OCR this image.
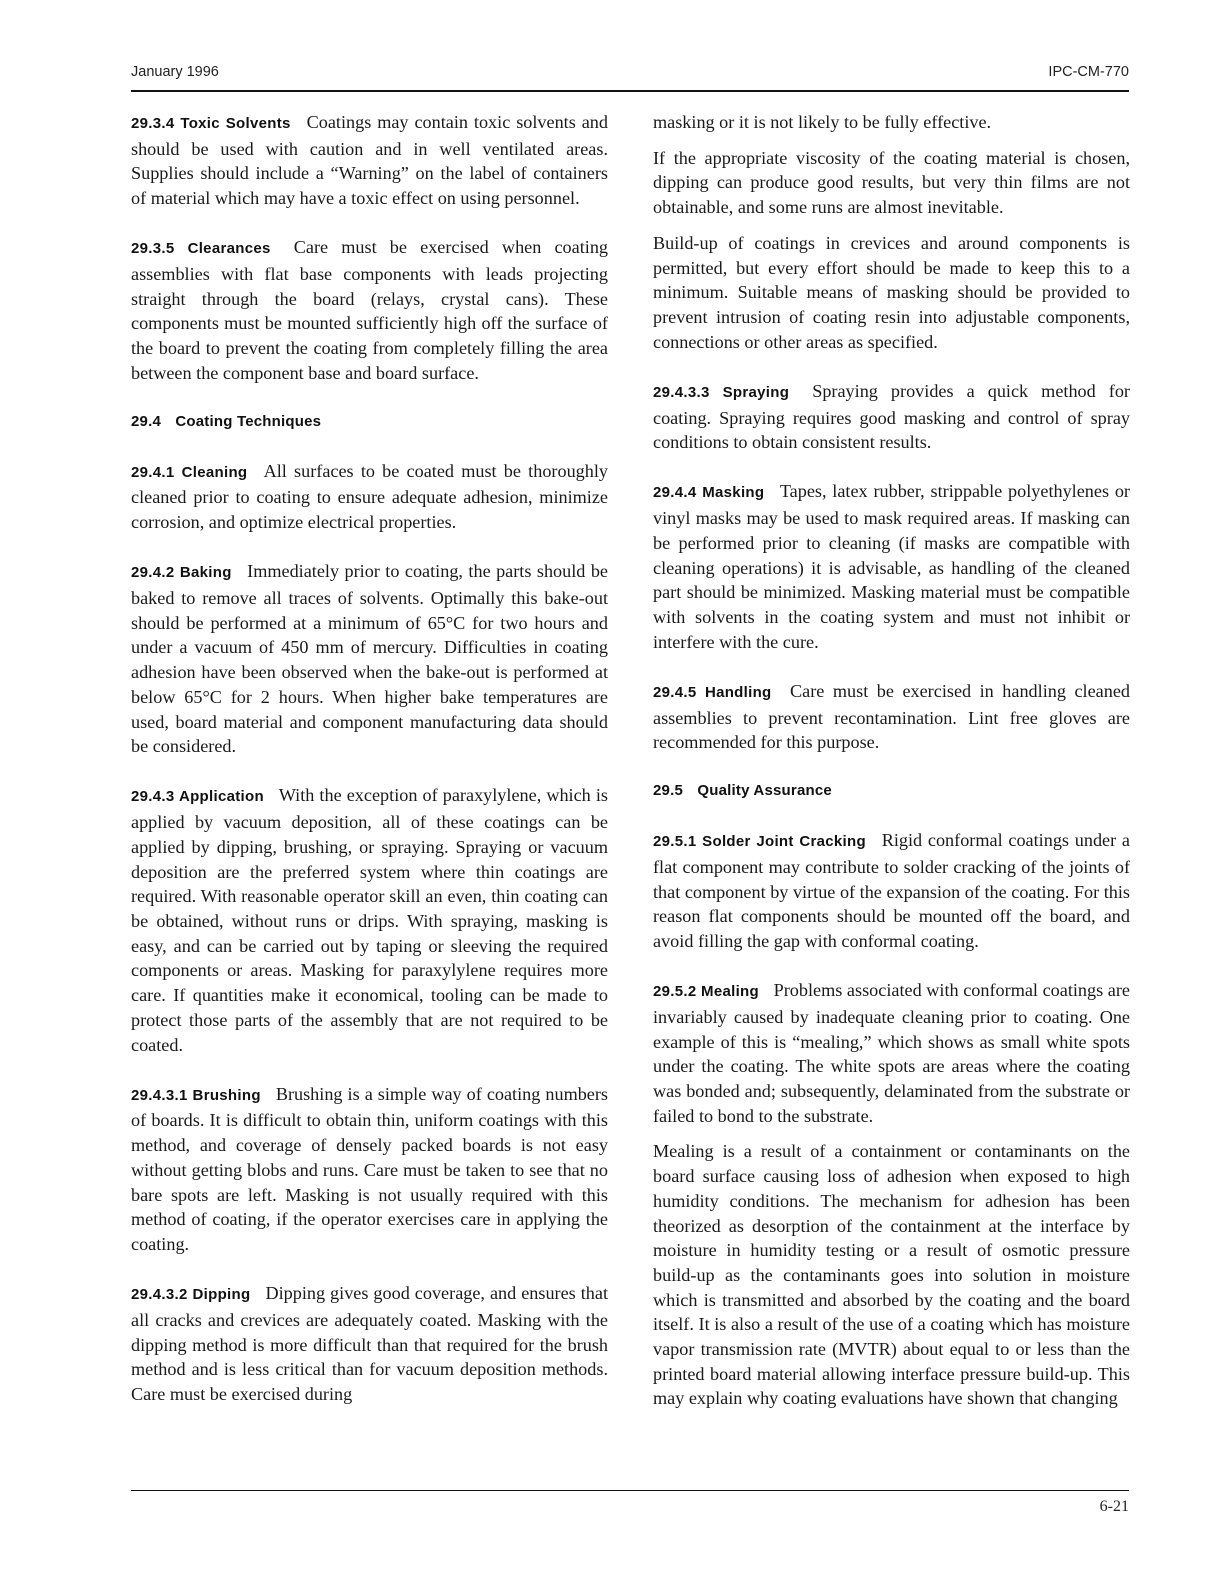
January 1996	IPC-CM-770

29.3.4 Toxic Solvents Coatings may contain toxic solvents and should be used with caution and in well ventilated areas. Supplies should include a “Warning” on the label of containers of material which may have a toxic effect on using personnel.

29.3.5 Clearances Care must be exercised when coating assemblies with flat base components with leads projecting straight through the board (relays, crystal cans). These components must be mounted sufficiently high off the surface of the board to prevent the coating from completely filling the area between the component base and board surface.

29.4 Coating Techniques

29.4.1 Cleaning All surfaces to be coated must be thoroughly cleaned prior to coating to ensure adequate adhesion, minimize corrosion, and optimize electrical properties.

29.4.2 Baking Immediately prior to coating, the parts should be baked to remove all traces of solvents. Optimally this bake-out should be performed at a minimum of 65°C for two hours and under a vacuum of 450 mm of mercury. Difficulties in coating adhesion have been observed when the bake-out is performed at below 65°C for 2 hours. When higher bake temperatures are used, board material and component manufacturing data should be considered.

29.4.3 Application With the exception of paraxylylene, which is applied by vacuum deposition, all of these coatings can be applied by dipping, brushing, or spraying. Spraying or vacuum deposition are the preferred system where thin coatings are required. With reasonable operator skill an even, thin coating can be obtained, without runs or drips. With spraying, masking is easy, and can be carried out by taping or sleeving the required components or areas. Masking for paraxylylene requires more care. If quantities make it economical, tooling can be made to protect those parts of the assembly that are not required to be coated.

29.4.3.1 Brushing Brushing is a simple way of coating numbers of boards. It is difficult to obtain thin, uniform coatings with this method, and coverage of densely packed boards is not easy without getting blobs and runs. Care must be taken to see that no bare spots are left. Masking is not usually required with this method of coating, if the operator exercises care in applying the coating.

29.4.3.2 Dipping Dipping gives good coverage, and ensures that all cracks and crevices are adequately coated. Masking with the dipping method is more difficult than that required for the brush method and is less critical than for vacuum deposition methods. Care must be exercised during

masking or it is not likely to be fully effective.

If the appropriate viscosity of the coating material is chosen, dipping can produce good results, but very thin films are not obtainable, and some runs are almost inevitable.

Build-up of coatings in crevices and around components is permitted, but every effort should be made to keep this to a minimum. Suitable means of masking should be provided to prevent intrusion of coating resin into adjustable components, connections or other areas as specified.

29.4.3.3 Spraying Spraying provides a quick method for coating. Spraying requires good masking and control of spray conditions to obtain consistent results.

29.4.4 Masking Tapes, latex rubber, strippable polyethylenes or vinyl masks may be used to mask required areas. If masking can be performed prior to cleaning (if masks are compatible with cleaning operations) it is advisable, as handling of the cleaned part should be minimized. Masking material must be compatible with solvents in the coating system and must not inhibit or interfere with the cure.

29.4.5 Handling Care must be exercised in handling cleaned assemblies to prevent recontamination. Lint free gloves are recommended for this purpose.

29.5 Quality Assurance

29.5.1 Solder Joint Cracking Rigid conformal coatings under a flat component may contribute to solder cracking of the joints of that component by virtue of the expansion of the coating. For this reason flat components should be mounted off the board, and avoid filling the gap with conformal coating.

29.5.2 Mealing Problems associated with conformal coatings are invariably caused by inadequate cleaning prior to coating. One example of this is “mealing,” which shows as small white spots under the coating. The white spots are areas where the coating was bonded and; subsequently, delaminated from the substrate or failed to bond to the substrate.

Mealing is a result of a containment or contaminants on the board surface causing loss of adhesion when exposed to high humidity conditions. The mechanism for adhesion has been theorized as desorption of the containment at the interface by moisture in humidity testing or a result of osmotic pressure build-up as the contaminants goes into solution in moisture which is transmitted and absorbed by the coating and the board itself. It is also a result of the use of a coating which has moisture vapor transmission rate (MVTR) about equal to or less than the printed board material allowing interface pressure build-up. This may explain why coating evaluations have shown that changing

6-21
